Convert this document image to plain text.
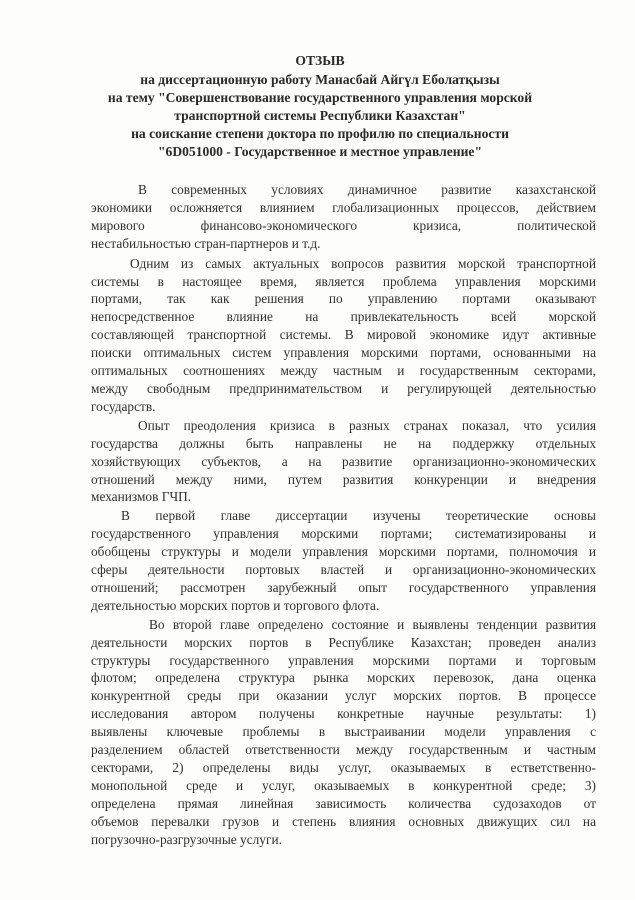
ОТЗЫВ
на диссертационную работу Манасбай Айгүл Еболатқызы
на тему "Совершенствование государственного управления морской
транспортной системы Республики Казахстан"
на соискание степени доктора по профилю по специальности
"6D051000 - Государственное и местное управление"

В современных условиях динамичное развитие казахстанской
экономики осложняется влиянием глобализационных процессов, действием
мирового финансово-экономического кризиса, политической
нестабильностью стран-партнеров и т.д.

Одним из самых актуальных вопросов развития морской транспортной
системы в настоящее время, является проблема управления морскими
портами, так как решения по управлению портами оказывают
непосредственное влияние на привлекательность всей морской
составляющей транспортной системы. В мировой экономике идут активные
поиски оптимальных систем управления морскими портами, основанными на
оптимальных соотношениях между частным и государственным секторами,
между свободным предпринимательством и регулирующей деятельностью
государств.

Опыт преодоления кризиса в разных странах показал, что усилия
государства должны быть направлены не на поддержку отдельных
хозяйствующих субъектов, а на развитие организационно-экономических
отношений между ними, путем развития конкуренции и внедрения
механизмов ГЧП.

В первой главе диссертации изучены теоретические основы
государственного управления морскими портами; систематизированы и
обобщены структуры и модели управления морскими портами, полномочия и
сферы деятельности портовых властей и организационно-экономических
отношений; рассмотрен зарубежный опыт государственного управления
деятельностью морских портов и торгового флота.

Во второй главе определено состояние и выявлены тенденции развития
деятельности морских портов в Республике Казахстан; проведен анализ
структуры государственного управления морскими портами и торговым
флотом; определена структура рынка морских перевозок, дана оценка
конкурентной среды при оказании услуг морских портов. В процессе
исследования автором получены конкретные научные результаты: 1)
выявлены ключевые проблемы в выстраивании модели управления с
разделением областей ответственности между государственным и частным
секторами, 2) определены виды услуг, оказываемых в естветственно-
монопольной среде и услуг, оказываемых в конкурентной среде; 3)
определена прямая линейная зависимость количества судозаходов от
объемов перевалки грузов и степень влияния основных движущих сил на
погрузочно-разгрузочные услуги.
